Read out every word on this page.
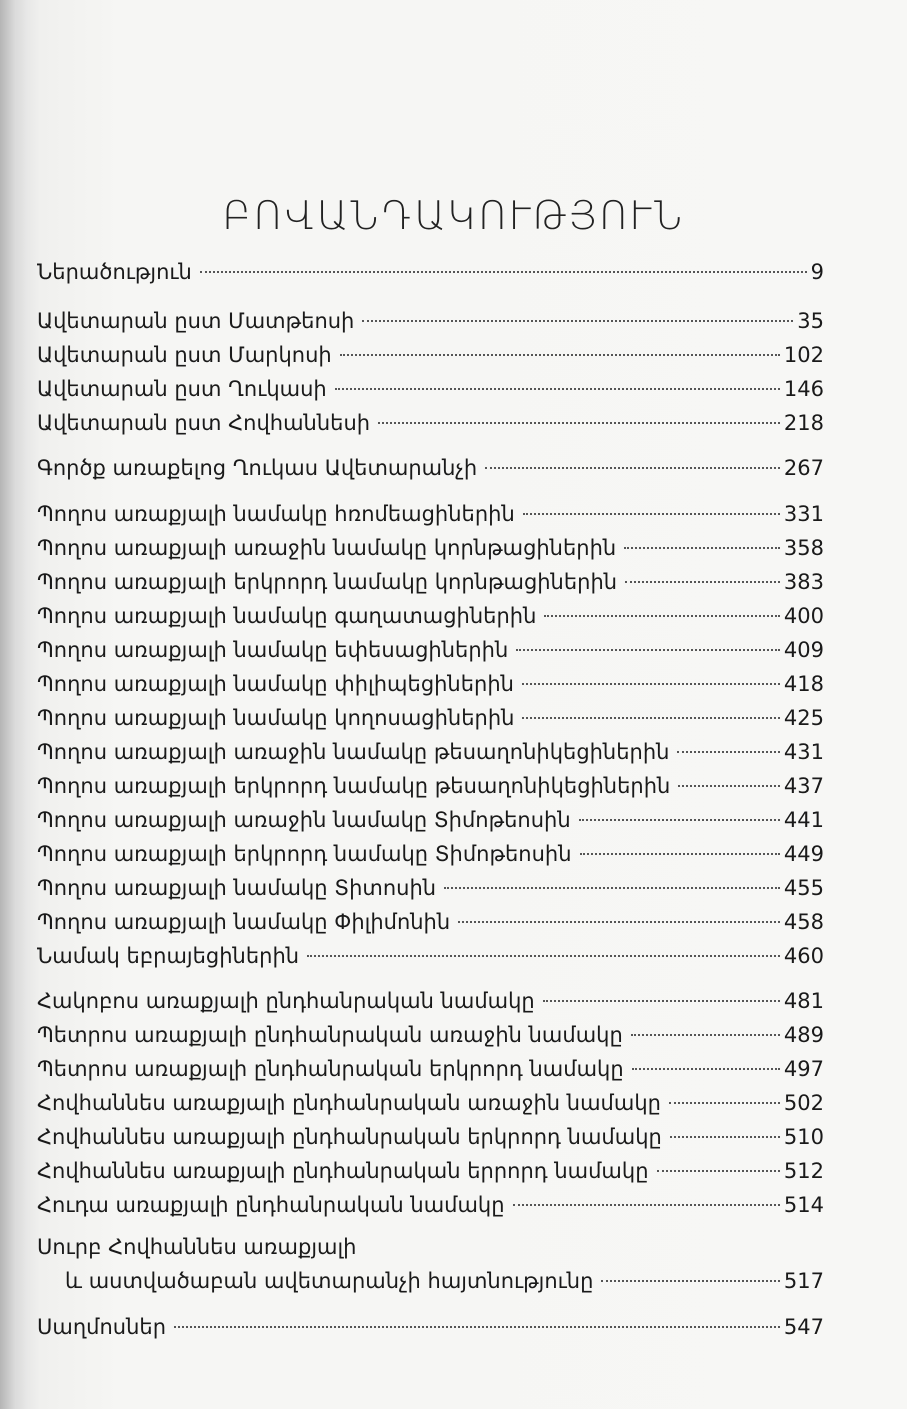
ԲՈՎԱՆԴԱԿՈՒԹՅՈՒՆ
Ներածություն	9
Ավետարան ըստ Մատթեոսի	35
Ավետարան ըստ Մարկոսի	102
Ավետարան ըստ Ղուկասի	146
Ավետարան ըստ Հովհաննեսի	218
Գործք առաքելոց Ղուկաս Ավետարանչի	267
Պողոս առաքյալի նամակը հռոմեացիներին	331
Պողոս առաքյալի առաջին նամակը կորնթացիներին	358
Պողոս առաքյալի երկրորդ նամակը կորնթացիներին	383
Պողոս առաքյալի նամակը գաղատացիներին	400
Պողոս առաքյալի նամակը եփեսացիներին	409
Պողոս առաքյալի նամակը փիլիպեցիներին	418
Պողոս առաքյալի նամակը կողոսացիներին	425
Պողոս առաքյալի առաջին նամակը թեսաղոնիկեցիներին	431
Պողոս առաքյալի երկրորդ նամակը թեսաղոնիկեցիներին	437
Պողոս առաքյալի առաջին նամակը Տիմոթեոսին	441
Պողոս առաքյալի երկրորդ նամակը Տիմոթեոսին	449
Պողոս առաքյալի նամակը Տիտոսին	455
Պողոս առաքյալի նամակը Փիլիմոնին	458
Նամակ եբրայեցիներին	460
Հակոբոս առաքյալի ընդհանրական նամակը	481
Պետրոս առաքյալի ընդհանրական առաջին նամակը	489
Պետրոս առաքյալի ընդհանրական երկրորդ նամակը	497
Հովհաննես առաքյալի ընդհանրական առաջին նամակը	502
Հովհաննես առաքյալի ընդհանրական երկրորդ նամակը	510
Հովհաննես առաքյալի ընդհանրական երրորդ նամակը	512
Հուդա առաքյալի ընդհանրական նամակը	514
Սուրբ Հովհաննես առաքյալի
և աստվածաբան ավետարանչի հայտնությունը	517
Սաղմոսներ	547
